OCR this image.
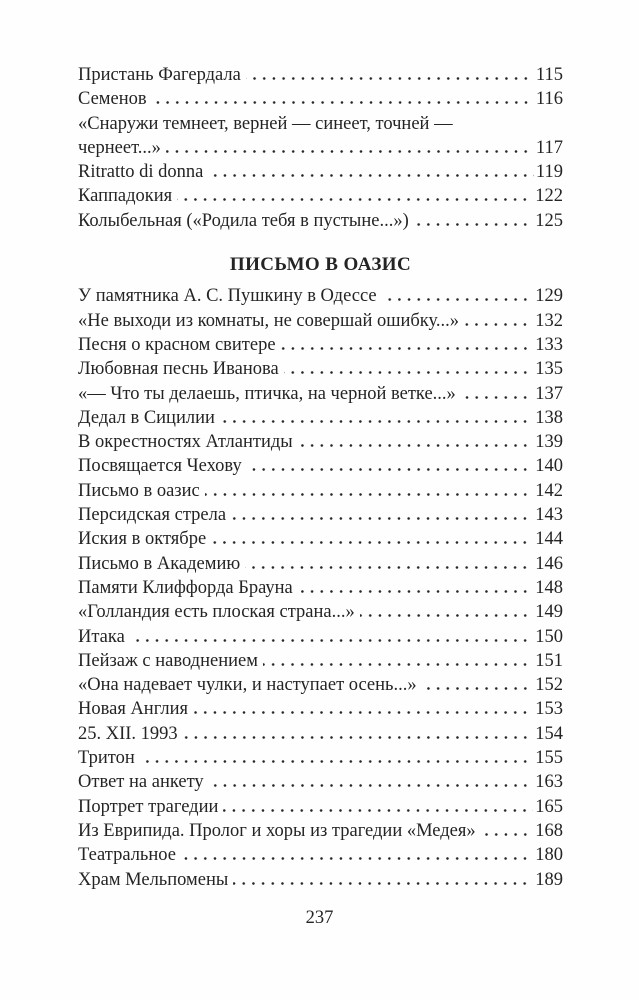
Пристань Фагердала	115
Семенов	116
«Снаружи темнеет, верней — синеет, точней —
чернеет...»	117
Ritratto di donna	119
Каппадокия	122
Колыбельная («Родила тебя в пустыне...»)	125
ПИСЬМО В ОАЗИС
У памятника А. С. Пушкину в Одессе	129
«Не выходи из комнаты, не совершай ошибку...»	132
Песня о красном свитере	133
Любовная песнь Иванова	135
«— Что ты делаешь, птичка, на черной ветке...»	137
Дедал в Сицилии	138
В окрестностях Атлантиды	139
Посвящается Чехову	140
Письмо в оазис	142
Персидская стрела	143
Иския в октябре	144
Письмо в Академию	146
Памяти Клиффорда Брауна	148
«Голландия есть плоская страна...»	149
Итака	150
Пейзаж с наводнением	151
«Она надевает чулки, и наступает осень...»	152
Новая Англия	153
25. XII. 1993	154
Тритон	155
Ответ на анкету	163
Портрет трагедии	165
Из Еврипида. Пролог и хоры из трагедии «Медея»	168
Театральное	180
Храм Мельпомены	189
237
